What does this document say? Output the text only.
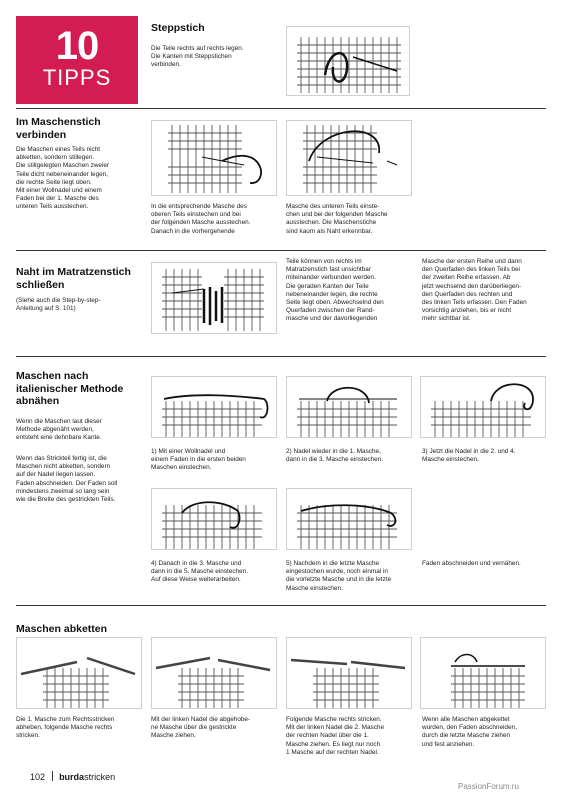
10
TIPPS
Steppstich
Die Teile rechts auf rechts legen.
Die Kanten mit Steppstichen
verbinden.
Im Maschenstich
verbinden
Die Maschen eines Teils nicht
abketten, sondern stillegen.
Die stillgelegten Maschen zweier
Teile dicht nebeneinander legen,
die rechte Seite liegt oben.
Mit einer Wollnadel und einem
Faden bei der 1. Masche des
unteren Teils ausstechen.	In die entsprechende Masche des
oberen Teils einstechen und bei
der folgenden Masche ausstechen.
Danach in die vorhergehende
Masche des unteren Teils einste-
chen und bei der folgenden Masche
ausstechen. Die Maschenstiche
sind kaum als Naht erkennbar.
Naht im Matratzenstich
schließen
(Siehe auch die Step-by-step-
Anleitung auf S. 101)
Teile können von rechts im
Matratzenstich fast unsichtbar
miteinander verbunden werden.
Die geraden Kanten der Teile
nebeneinander legen, die rechte
Seite liegt oben. Abwechselnd den
Querfaden zwischen der Rand-
masche und der davorliegenden
Masche der ersten Reihe und dann
den Querfaden des linken Teils bei
der zweiten Reihe erfassen. Ab
jetzt wechselnd den darüberliegen-
den Querfaden des rechten und
des linken Teils erfassen. Den Faden
vorsichtig anziehen, bis er nicht
mehr sichtbar ist.
Maschen nach
italienischer Methode
abnähen
Wenn die Maschen laut dieser
Methode abgenäht werden,
entsteht eine dehnbare Kante.
Wenn das Strickteil fertig ist, die
Maschen nicht abketten, sondern
auf der Nadel liegen lassen.
Faden abschneiden. Der Faden soll
mindestens zweimal so lang sein
wie die Breite des gestrickten Teils.
1) Mit einer Wollnadel und
einem Faden in die ersten beiden
Maschen einstechen.
2) Nadel wieder in die 1. Masche,
dann in die 3. Masche einstechen.
3) Jetzt die Nadel in die 2. und 4.
Masche einstechen.
4) Danach in die 3. Masche und
dann in die 5. Masche einstechen.
Auf diese Weise weiterarbeiten.
5) Nachdem in die letzte Masche
eingestochen wurde, noch einmal in
die vorletzte Masche und in die letzte
Masche einstechen.
Faden abschneiden und vernähen.
Maschen abketten
Die 1. Masche zum Rechtsstricken
abheben, folgende Masche rechts
stricken.
Mit der linken Nadel die abgehobe-
ne Masche über die gestrickte
Masche ziehen.
Folgende Masche rechts stricken.
Mit der linken Nadel die 2. Masche
der rechten Nadel über die 1.
Masche ziehen. Es liegt nur noch
1 Masche auf der rechten Nadel.
Wenn alle Maschen abgekettet
wurden, den Faden abschneiden,
durch die letzte Masche ziehen
und fest anziehen.
102 burdastricken
PassionForum.ru
